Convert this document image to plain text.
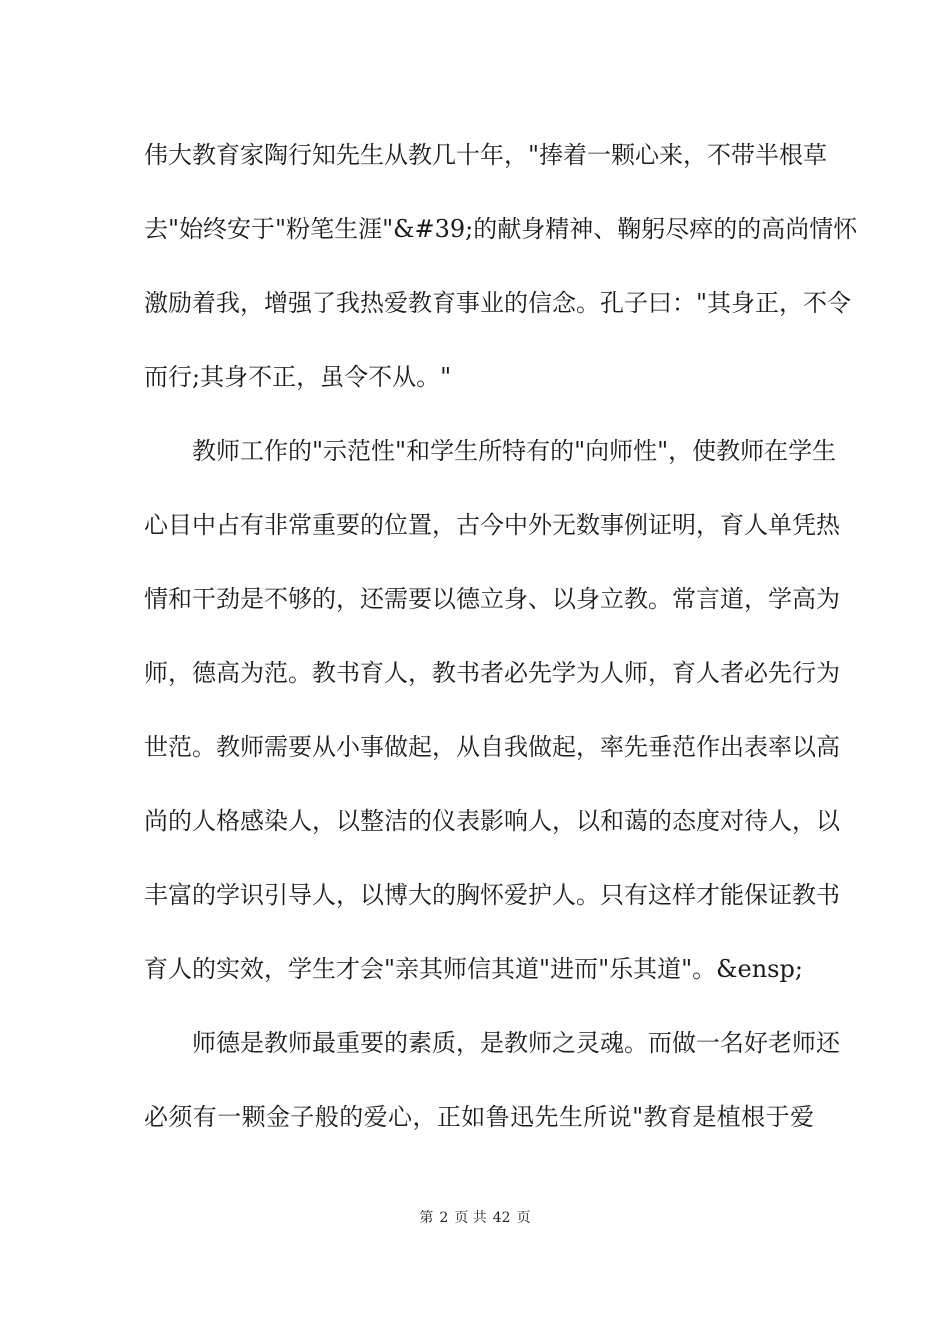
伟大教育家陶行知先生从教几十年，"捧着一颗心来，不带半根草
去"始终安于"粉笔生涯"&#39;的献身精神、鞠躬尽瘁的的高尚情怀
激励着我，增强了我热爱教育事业的信念。孔子曰："其身正，不令
而行;其身不正，虽令不从。"
教师工作的"示范性"和学生所特有的"向师性"，使教师在学生
心目中占有非常重要的位置，古今中外无数事例证明，育人单凭热
情和干劲是不够的，还需要以德立身、以身立教。常言道，学高为
师，德高为范。教书育人，教书者必先学为人师，育人者必先行为
世范。教师需要从小事做起，从自我做起，率先垂范作出表率以高
尚的人格感染人，以整洁的仪表影响人，以和蔼的态度对待人，以
丰富的学识引导人，以博大的胸怀爱护人。只有这样才能保证教书
育人的实效，学生才会"亲其师信其道"进而"乐其道"。&ensp;
师德是教师最重要的素质，是教师之灵魂。而做一名好老师还
必须有一颗金子般的爱心，正如鲁迅先生所说"教育是植根于爱
第 2 页 共 42 页
